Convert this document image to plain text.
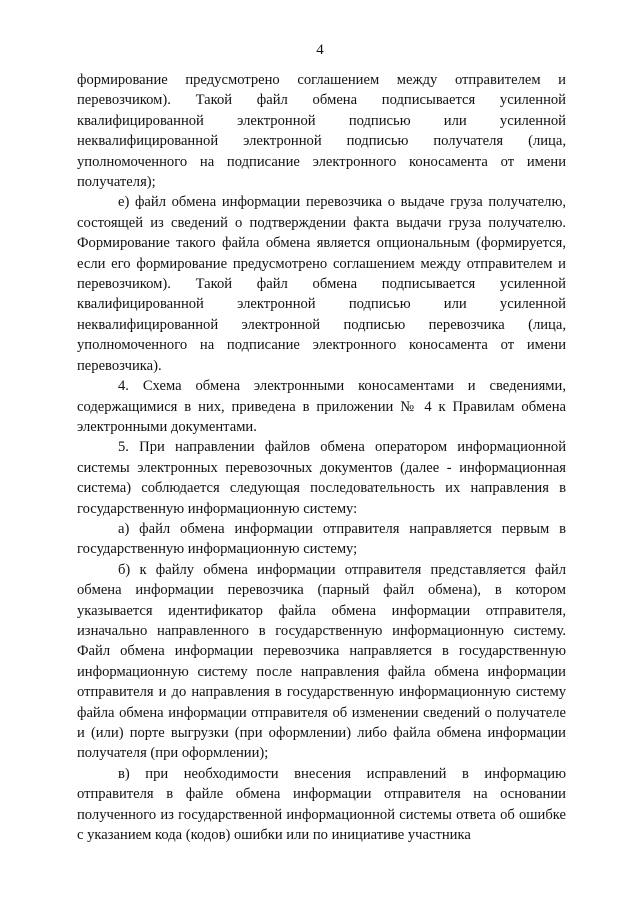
4

формирование предусмотрено соглашением между отправителем и перевозчиком). Такой файл обмена подписывается усиленной квалифицированной электронной подписью или усиленной неквалифицированной электронной подписью получателя (лица, уполномоченного на подписание электронного коносамента от имени получателя);

е) файл обмена информации перевозчика о выдаче груза получателю, состоящей из сведений о подтверждении факта выдачи груза получателю. Формирование такого файла обмена является опциональным (формируется, если его формирование предусмотрено соглашением между отправителем и перевозчиком). Такой файл обмена подписывается усиленной квалифицированной электронной подписью или усиленной неквалифицированной электронной подписью перевозчика (лица, уполномоченного на подписание электронного коносамента от имени перевозчика).

4. Схема обмена электронными коносаментами и сведениями, содержащимися в них, приведена в приложении № 4 к Правилам обмена электронными документами.

5. При направлении файлов обмена оператором информационной системы электронных перевозочных документов (далее - информационная система) соблюдается следующая последовательность их направления в государственную информационную систему:

а) файл обмена информации отправителя направляется первым в государственную информационную систему;

б) к файлу обмена информации отправителя представляется файл обмена информации перевозчика (парный файл обмена), в котором указывается идентификатор файла обмена информации отправителя, изначально направленного в государственную информационную систему. Файл обмена информации перевозчика направляется в государственную информационную систему после направления файла обмена информации отправителя и до направления в государственную информационную систему файла обмена информации отправителя об изменении сведений о получателе и (или) порте выгрузки (при оформлении) либо файла обмена информации получателя (при оформлении);

в) при необходимости внесения исправлений в информацию отправителя в файле обмена информации отправителя на основании полученного из государственной информационной системы ответа об ошибке с указанием кода (кодов) ошибки или по инициативе участника
